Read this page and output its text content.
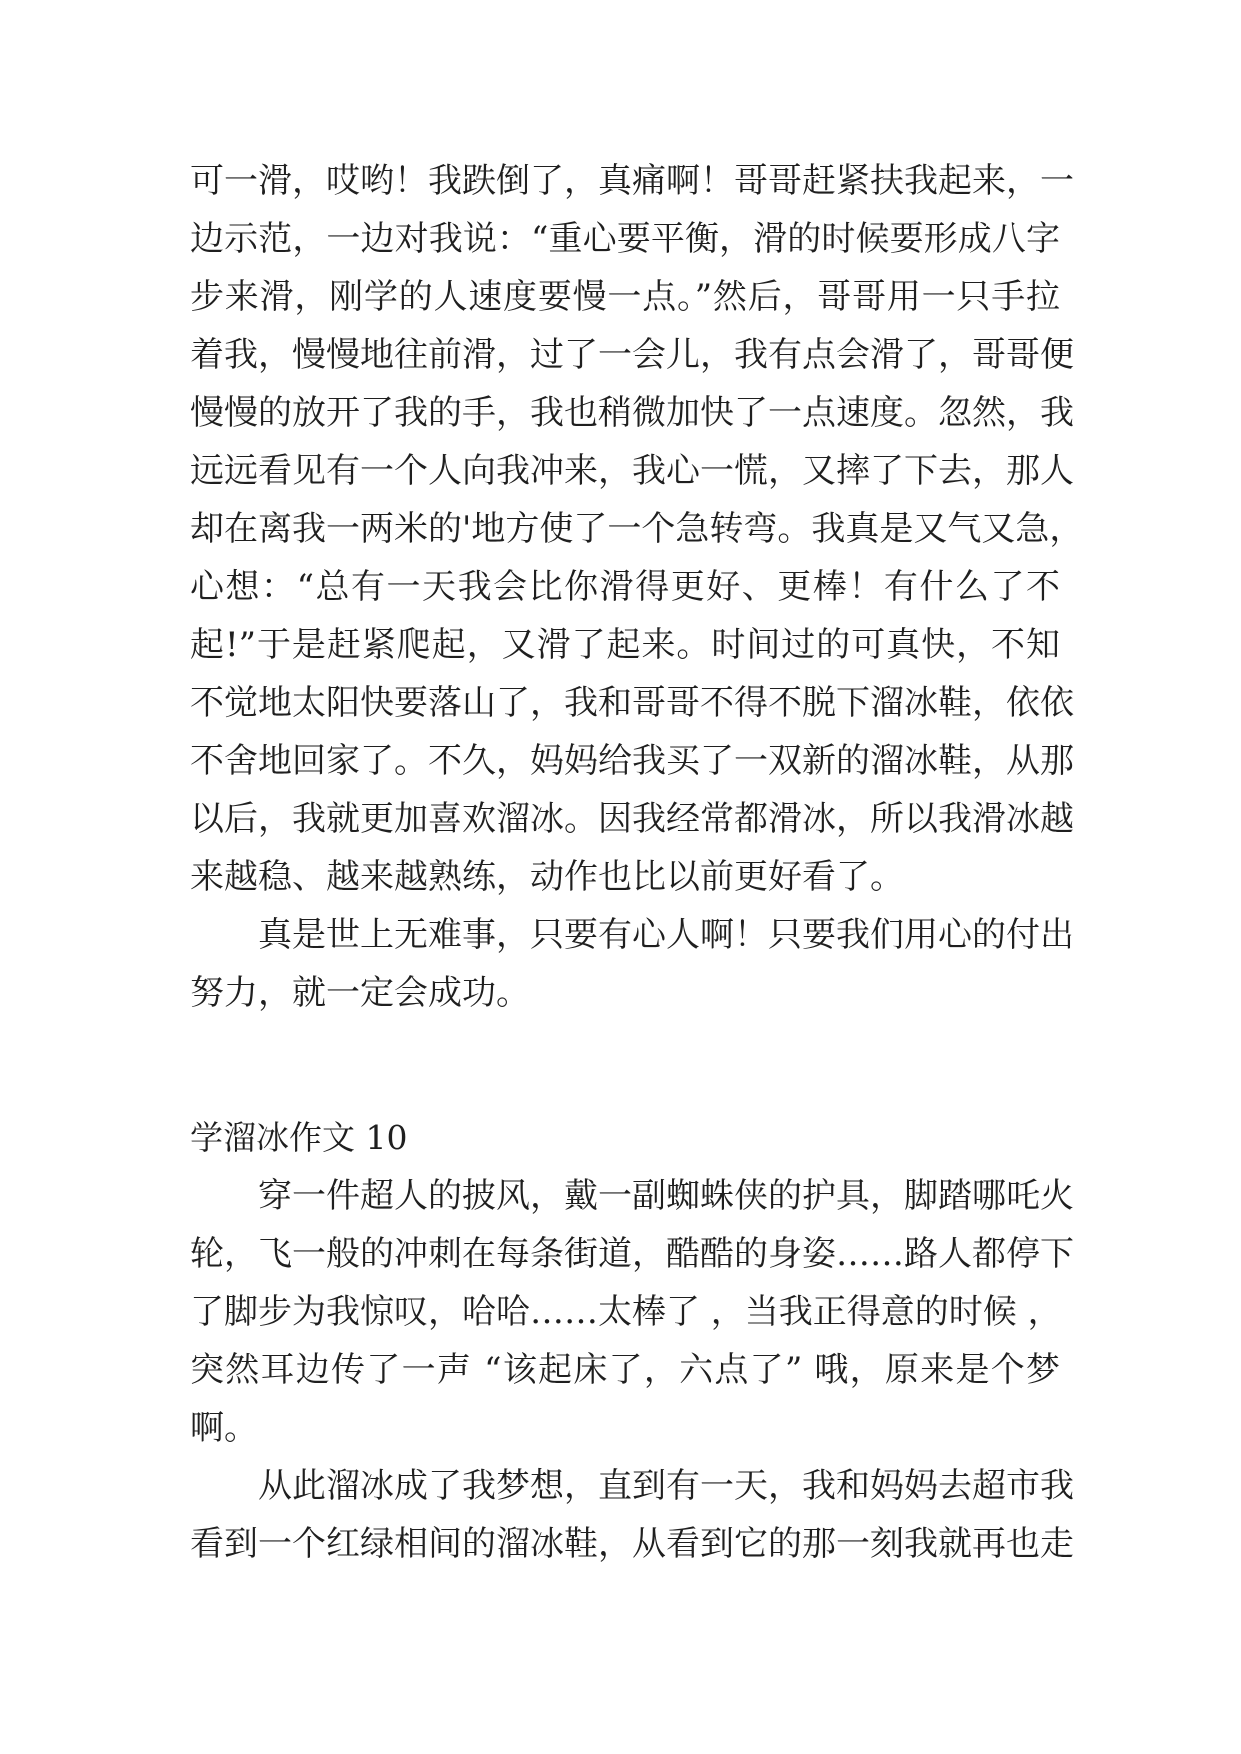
可一滑，哎哟！我跌倒了，真痛啊！哥哥赶紧扶我起来，一
边示范，一边对我说：“重心要平衡，滑的时候要形成八字
步来滑，刚学的人速度要慢一点。”然后，哥哥用一只手拉
着我，慢慢地往前滑，过了一会儿，我有点会滑了，哥哥便
慢慢的放开了我的手，我也稍微加快了一点速度。忽然，我
远远看见有一个人向我冲来，我心一慌，又摔了下去，那人
却在离我一两米的'地方使了一个急转弯。我真是又气又急，
心想：“总有一天我会比你滑得更好、更棒！有什么了不
起!”于是赶紧爬起，又滑了起来。时间过的可真快，不知
不觉地太阳快要落山了，我和哥哥不得不脱下溜冰鞋，依依
不舍地回家了。不久，妈妈给我买了一双新的溜冰鞋，从那
以后，我就更加喜欢溜冰。因我经常都滑冰，所以我滑冰越
来越稳、越来越熟练，动作也比以前更好看了。
真是世上无难事，只要有心人啊！只要我们用心的付出
努力，就一定会成功。
学溜冰作文 10
穿一件超人的披风，戴一副蜘蛛侠的护具，脚踏哪吒火
轮，飞一般的冲刺在每条街道，酷酷的身姿……路人都停下
了脚步为我惊叹，哈哈……太棒了 ，当我正得意的时候 ，
突然耳边传了一声 “该起床了，六点了” 哦，原来是个梦
啊。
从此溜冰成了我梦想，直到有一天，我和妈妈去超市我
看到一个红绿相间的溜冰鞋，从看到它的那一刻我就再也走
